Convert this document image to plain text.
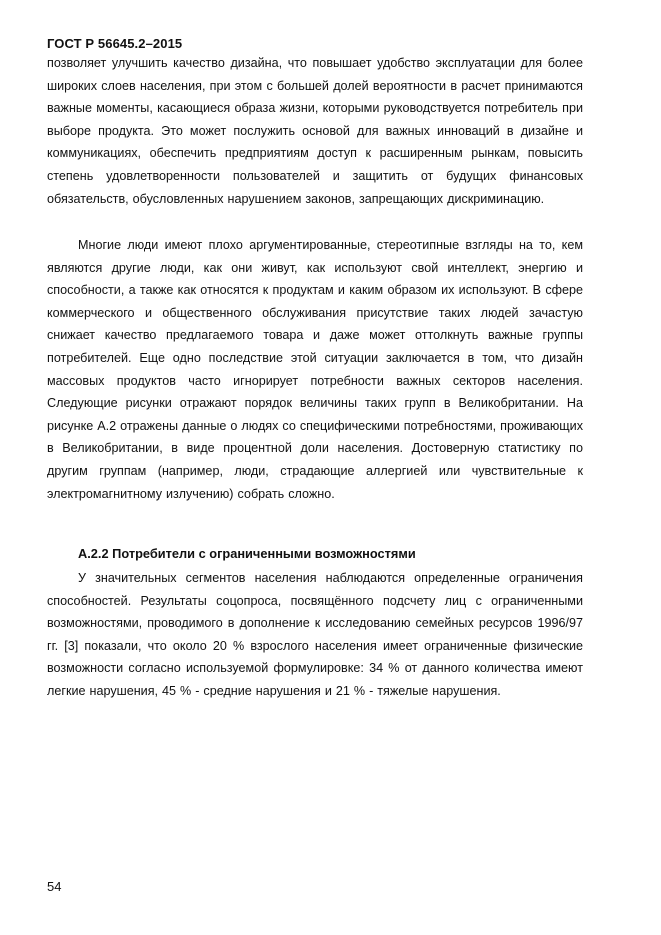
ГОСТ Р 56645.2–2015

позволяет улучшить качество дизайна, что повышает удобство эксплуатации для более широких слоев населения, при этом с большей долей вероятности в расчет принимаются важные моменты, касающиеся образа жизни, которыми руководствуется потребитель при выборе продукта. Это может послужить основой для важных инноваций в дизайне и коммуникациях, обеспечить предприятиям доступ к расширенным рынкам, повысить степень удовлетворенности пользователей и защитить от будущих финансовых обязательств, обусловленных нарушением законов, запрещающих дискриминацию.

Многие люди имеют плохо аргументированные, стереотипные взгляды на то, кем являются другие люди, как они живут, как используют свой интеллект, энергию и способности, а также как относятся к продуктам и каким образом их используют. В сфере коммерческого и общественного обслуживания присутствие таких людей зачастую снижает качество предлагаемого товара и даже может оттолкнуть важные группы потребителей. Еще одно последствие этой ситуации заключается в том, что дизайн массовых продуктов часто игнорирует потребности важных секторов населения. Следующие рисунки отражают порядок величины таких групп в Великобритании. На рисунке А.2 отражены данные о людях со специфическими потребностями, проживающих в Великобритании, в виде процентной доли населения. Достоверную статистику по другим группам (например, люди, страдающие аллергией или чувствительные к электромагнитному излучению) собрать сложно.

А.2.2 Потребители с ограниченными возможностями

У значительных сегментов населения наблюдаются определенные ограничения способностей. Результаты соцопроса, посвящённого подсчету лиц с ограниченными возможностями, проводимого в дополнение к исследованию семейных ресурсов 1996/97 гг. [3] показали, что около 20 % взрослого населения имеет ограниченные физические возможности согласно используемой формулировке: 34 % от данного количества имеют легкие нарушения, 45 % - средние нарушения и 21 % - тяжелые нарушения.

54
